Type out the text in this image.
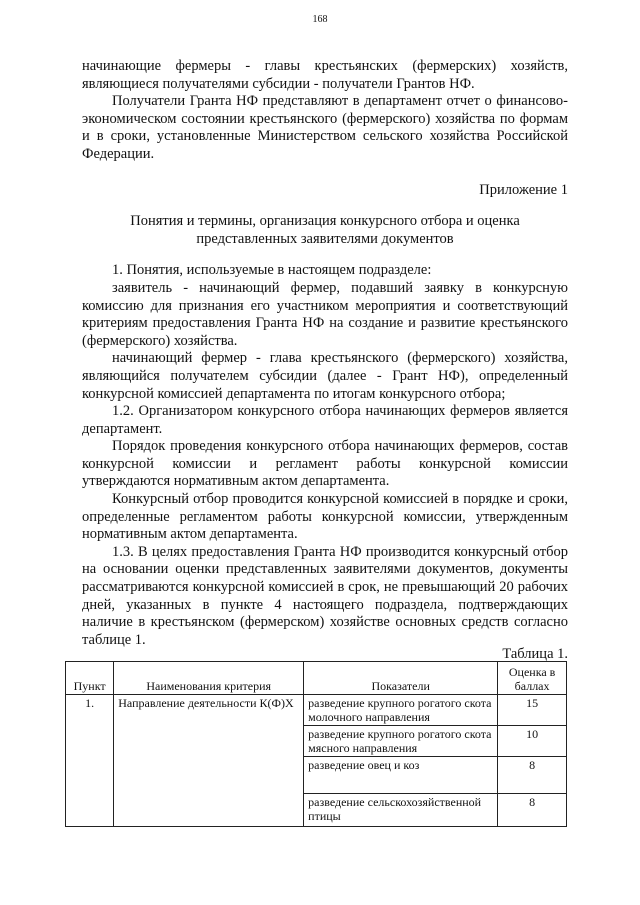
168

начинающие фермеры - главы крестьянских (фермерских) хозяйств, являющиеся получателями субсидии - получатели Грантов НФ.

Получатели Гранта НФ представляют в департамент отчет о финансово-экономическом состоянии крестьянского (фермерского) хозяйства по формам и в сроки, установленные Министерством сельского хозяйства Российской Федерации.

Приложение 1

Понятия и термины, организация конкурсного отбора и оценка представленных заявителями документов

1. Понятия, используемые в настоящем подразделе:

заявитель - начинающий фермер, подавший заявку в конкурсную комиссию для признания его участником мероприятия и соответствующий критериям предоставления Гранта НФ на создание и развитие крестьянского (фермерского) хозяйства.

начинающий фермер - глава крестьянского (фермерского) хозяйства, являющийся получателем субсидии (далее - Грант НФ), определенный конкурсной комиссией департамента по итогам конкурсного отбора;

1.2. Организатором конкурсного отбора начинающих фермеров является департамент.

Порядок проведения конкурсного отбора начинающих фермеров, состав конкурсной комиссии и регламент работы конкурсной комиссии утверждаются нормативным актом департамента.

Конкурсный отбор проводится конкурсной комиссией в порядке и сроки, определенные регламентом работы конкурсной комиссии, утвержденным нормативным актом департамента.

1.3. В целях предоставления Гранта НФ производится конкурсный отбор на основании оценки представленных заявителями документов, документы рассматриваются конкурсной комиссией в срок, не превышающий 20 рабочих дней, указанных в пункте 4 настоящего подраздела, подтверждающих наличие в крестьянском (фермерском) хозяйстве основных средств согласно таблице 1.

Таблица 1.
Пункт	Наименования критерия	Показатели	Оценка в баллах
1.	Направление деятельности К(Ф)Х	разведение крупного рогатого скота молочного направления	15
		разведение крупного рогатого скота мясного направления	10
		разведение овец и коз	8
		разведение сельскохозяйственной птицы	8
